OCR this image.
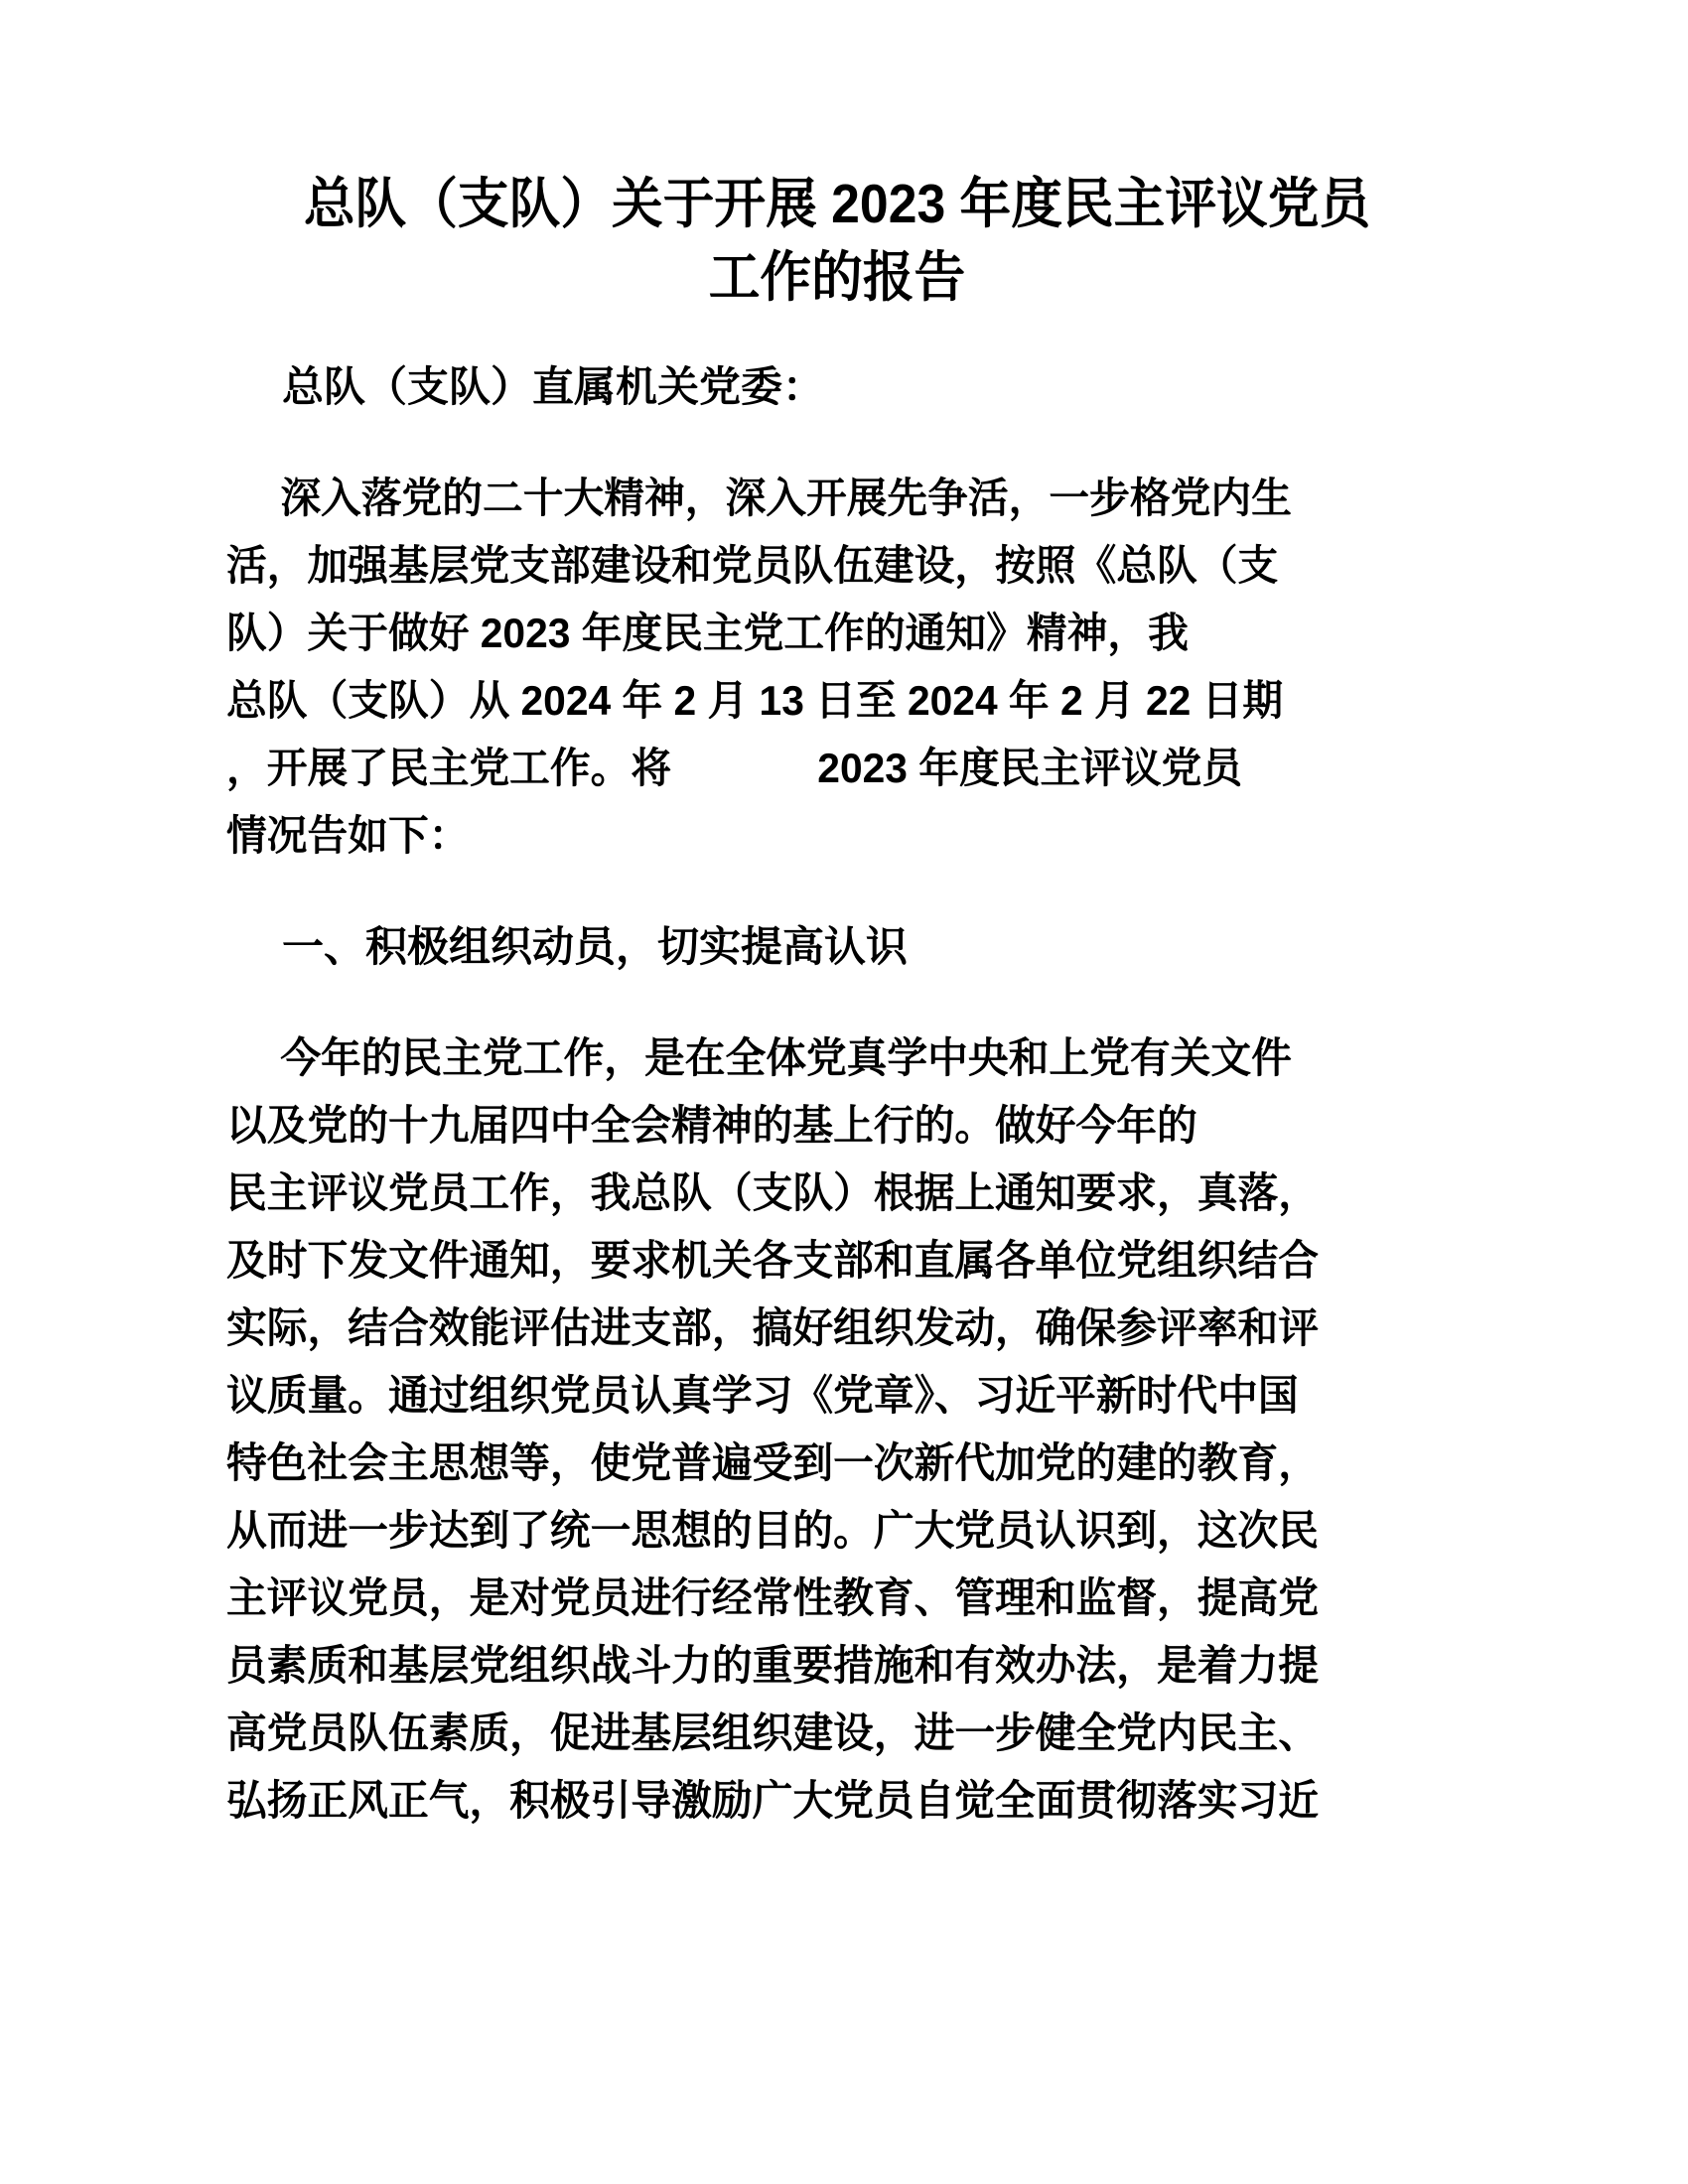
总队（支队）关于开展 2023 年度民主评议党员
工作的报告

总队（支队）直属机关党委：

深入落党的二十大精神，深入开展先争活，一步格党内生
活，加强基层党支部建设和党员队伍建设，按照《总队（支
队）关于做好 2023 年度民主党工作的通知》精神，我
总队（支队）从 2024 年 2 月 13 日至 2024 年 2 月 22 日期
，开展了民主党工作。将             2023 年度民主评议党员
情况告如下：
一、积极组织动员，切实提高认识
今年的民主党工作，是在全体党真学中央和上党有关文件
以及党的十九届四中全会精神的基上行的。做好今年的
民主评议党员工作，我总队（支队）根据上通知要求，真落，
及时下发文件通知，要求机关各支部和直属各单位党组织结合
实际，结合效能评估进支部，搞好组织发动，确保参评率和评
议质量。通过组织党员认真学习《党章》、习近平新时代中国
特色社会主思想等，使党普遍受到一次新代加党的建的教育，
从而进一步达到了统一思想的目的。广大党员认识到，这次民
主评议党员，是对党员进行经常性教育、管理和监督，提高党
员素质和基层党组织战斗力的重要措施和有效办法，是着力提
高党员队伍素质，促进基层组织建设，进一步健全党内民主、
弘扬正风正气，积极引导激励广大党员自觉全面贯彻落实习近
